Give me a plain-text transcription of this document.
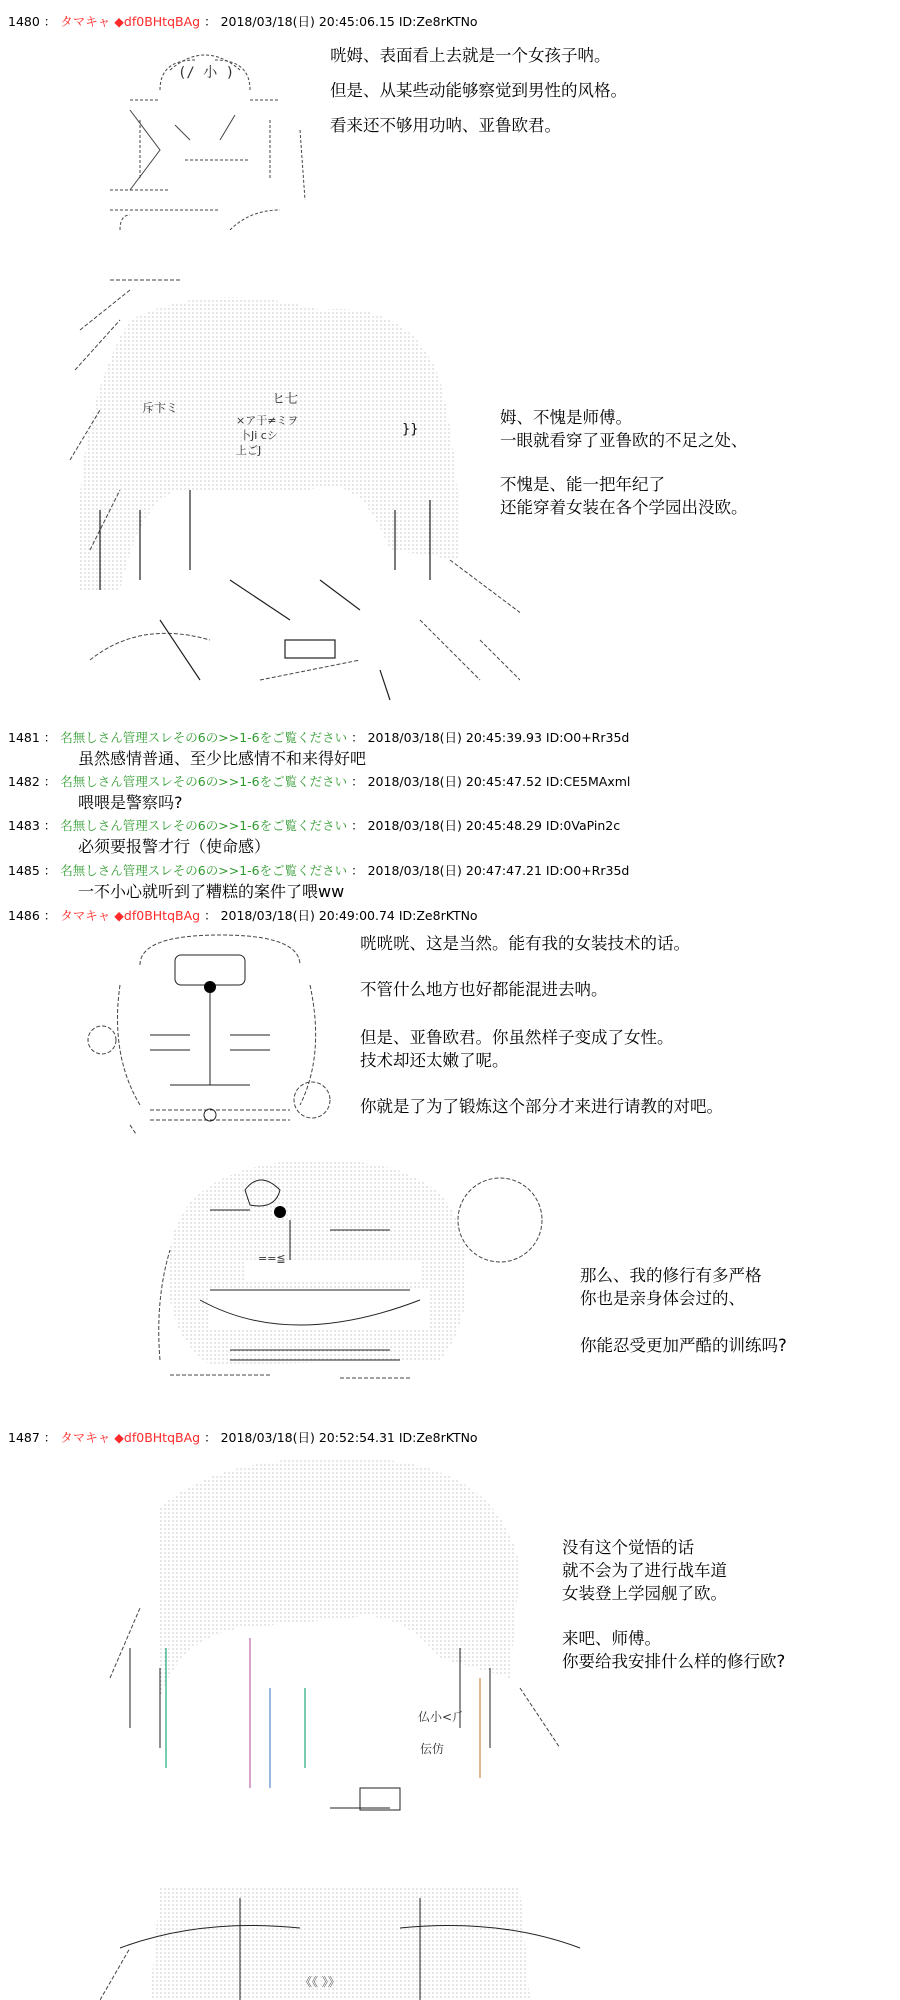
1480 ： タマキャ ◆df0BHtqBAg ： 2018/03/18(日) 20:45:06.15 ID:Ze8rKTNo
(/ 小 )
咣姆、表面看上去就是一个女孩子呐。
但是、从某些动能够察觉到男性的风格。
看来还不够用功呐、亚鲁欧君。
}}
斥卞ミ
ヒ七
×ア于≠ミヲ
卜Ji cシ
上ごJ
姆、不愧是师傅。
一眼就看穿了亚鲁欧的不足之处、
不愧是、能一把年纪了
还能穿着女装在各个学园出没欧。
1481 ： 名無しさん管理スレその6の>>1-6をご覧ください ： 2018/03/18(日) 20:45:39.93 ID:O0+Rr35d
虽然感情普通、至少比感情不和来得好吧
1482 ： 名無しさん管理スレその6の>>1-6をご覧ください ： 2018/03/18(日) 20:45:47.52 ID:CE5MAxml
喂喂是警察吗?
1483 ： 名無しさん管理スレその6の>>1-6をご覧ください ： 2018/03/18(日) 20:45:48.29 ID:0VaPin2c
必须要报警才行（使命感）
1485 ： 名無しさん管理スレその6の>>1-6をご覧ください ： 2018/03/18(日) 20:47:47.21 ID:O0+Rr35d
一不小心就听到了糟糕的案件了喂ww
1486 ： タマキャ ◆df0BHtqBAg ： 2018/03/18(日) 20:49:00.74 ID:Ze8rKTNo
咣咣咣、这是当然。能有我的女装技术的话。
不管什么地方也好都能混进去呐。
但是、亚鲁欧君。你虽然样子变成了女性。
技术却还太嫩了呢。
你就是了为了锻炼这个部分才来进行请教的对吧。
==≦
那么、我的修行有多严格
你也是亲身体会过的、
你能忍受更加严酷的训练吗?
1487 ： タマキャ ◆df0BHtqBAg ： 2018/03/18(日) 20:52:54.31 ID:Ze8rKTNo
仏小<⺁
伝仿
《《 》》
没有这个觉悟的话
就不会为了进行战车道
女装登上学园舰了欧。
来吧、师傅。
你要给我安排什么样的修行欧?
